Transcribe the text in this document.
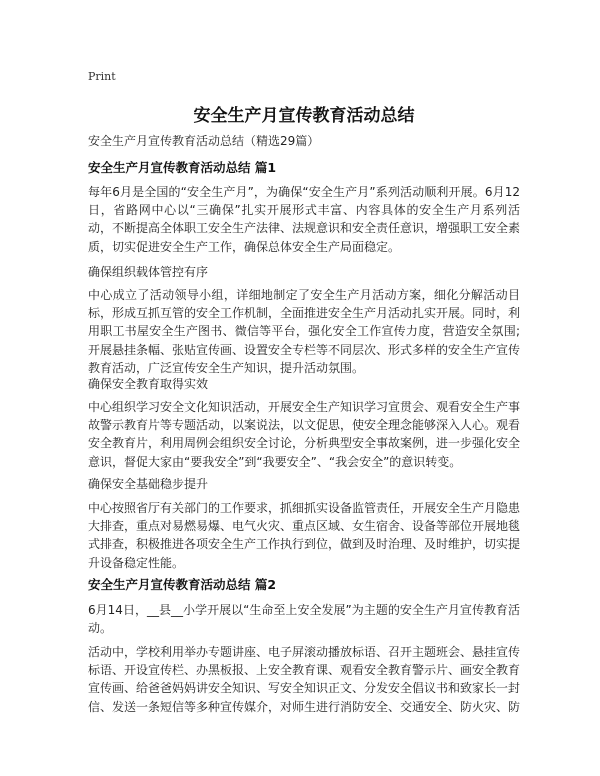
Print
安全生产月宣传教育活动总结
安全生产月宣传教育活动总结（精选29篇）
安全生产月宣传教育活动总结 篇1

每年6月是全国的“安全生产月”，为确保“安全生产月”系列活动顺利开展。6月12日，省路网中心以“三确保”扎实开展形式丰富、内容具体的安全生产月系列活动，不断提高全体职工安全生产法律、法规意识和安全责任意识，增强职工安全素质，切实促进安全生产工作，确保总体安全生产局面稳定。

确保组织载体管控有序

中心成立了活动领导小组，详细地制定了安全生产月活动方案，细化分解活动目标，形成互抓互管的安全工作机制，全面推进安全生产月活动扎实开展。同时，利用职工书屋安全生产图书、微信等平台，强化安全工作宣传力度，营造安全氛围;开展悬挂条幅、张贴宣传画、设置安全专栏等不同层次、形式多样的安全生产宣传教育活动，广泛宣传安全生产知识，提升活动氛围。

确保安全教育取得实效

中心组织学习安全文化知识活动，开展安全生产知识学习宣贯会、观看安全生产事故警示教育片等专题活动，以案说法，以文促思，使安全理念能够深入人心。观看安全教育片，利用周例会组织安全讨论，分析典型安全事故案例，进一步强化安全意识，督促大家由“要我安全”到“我要安全”、“我会安全”的意识转变。

确保安全基础稳步提升

中心按照省厅有关部门的工作要求，抓细抓实设备监管责任，开展安全生产月隐患大排查，重点对易燃易爆、电气火灾、重点区域、女生宿舍、设备等部位开展地毯式排查，积极推进各项安全生产工作执行到位，做到及时治理、及时维护，切实提升设备稳定性能。

安全生产月宣传教育活动总结 篇2

6月14日，__县__小学开展以“生命至上安全发展”为主题的安全生产月宣传教育活动。

活动中，学校利用举办专题讲座、电子屏滚动播放标语、召开主题班会、悬挂宣传标语、开设宣传栏、办黑板报、上安全教育课、观看安全教育警示片、画安全教育宣传画、给爸爸妈妈讲安全知识、写安全知识正文、分发安全倡议书和致家长一封信、发送一条短信等多种宣传媒介，对师生进行消防安全、交通安全、防火灾、防
